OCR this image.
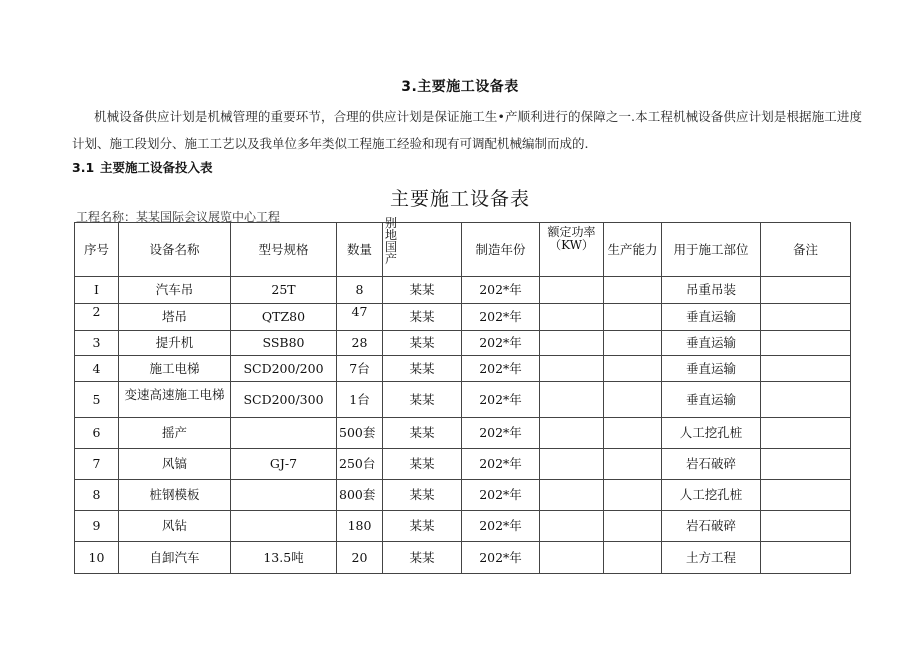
3.主要施工设备表
机械设备供应计划是机械管理的重要环节，合理的供应计划是保证施工生•产顺利进行的保障之一.本工程机械设备供应计划是根据施工进度计划、施工段划分、施工工艺以及我单位多年类似工程施工经验和现有可调配机械编制而成的.
3.1 主要施工设备投入表
主要施工设备表
工程名称：某某国际会议展览中心工程
序号	设备名称	型号规格	数量	别地国产	制造年份	额定功率（KW）	生产能力	用于施工部位	备注
I	汽车吊	25T	8	某某	202*年			吊重吊装	
2	塔吊	QTZ80	47	某某	202*年			垂直运输	
3	提升机	SSB80	28	某某	202*年			垂直运输	
4	施工电梯	SCD200/200	7台	某某	202*年			垂直运输	
5	变速高速施工电梯	SCD200/300	1台	某某	202*年			垂直运输	
6	摇产		500套	某某	202*年			人工挖孔桩	
7	风镐	GJ-7	250台	某某	202*年			岩石破碎	
8	桩钢模板		800套	某某	202*年			人工挖孔桩	
9	风钻		180	某某	202*年			岩石破碎	
10	自卸汽车	13.5吨	20	某某	202*年			土方工程	
